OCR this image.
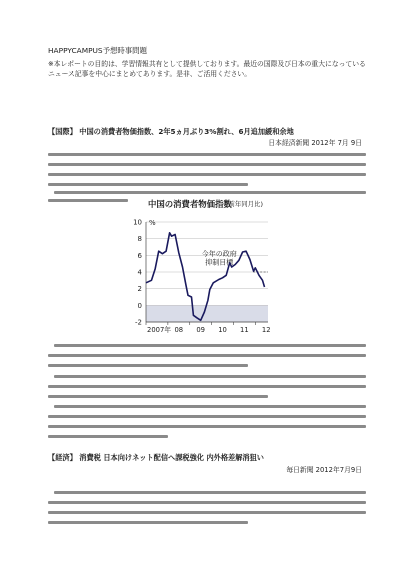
HAPPYCAMPUS予想時事問題
※本レポートの目的は、学習情報共有として提供しております。最近の国際及び日本の重大になっている
ニュース記事を中心にまとめてあります。是非、ご活用ください。
【国際】 中国の消費者物価指数、2年5ヵ月ぶり3%割れ、6月追加緩和余地
日本経済新聞 2012年 7月 9日
中国の消費者物価指数
(前年同月比)
【経済】 消費税 日本向けネット配信へ課税強化 内外格差解消狙い
毎日新聞 2012年7月9日
-2
0
2
4
6
8
10 %
2007年 08 09 10 11 12
今年の政府
抑制目標
